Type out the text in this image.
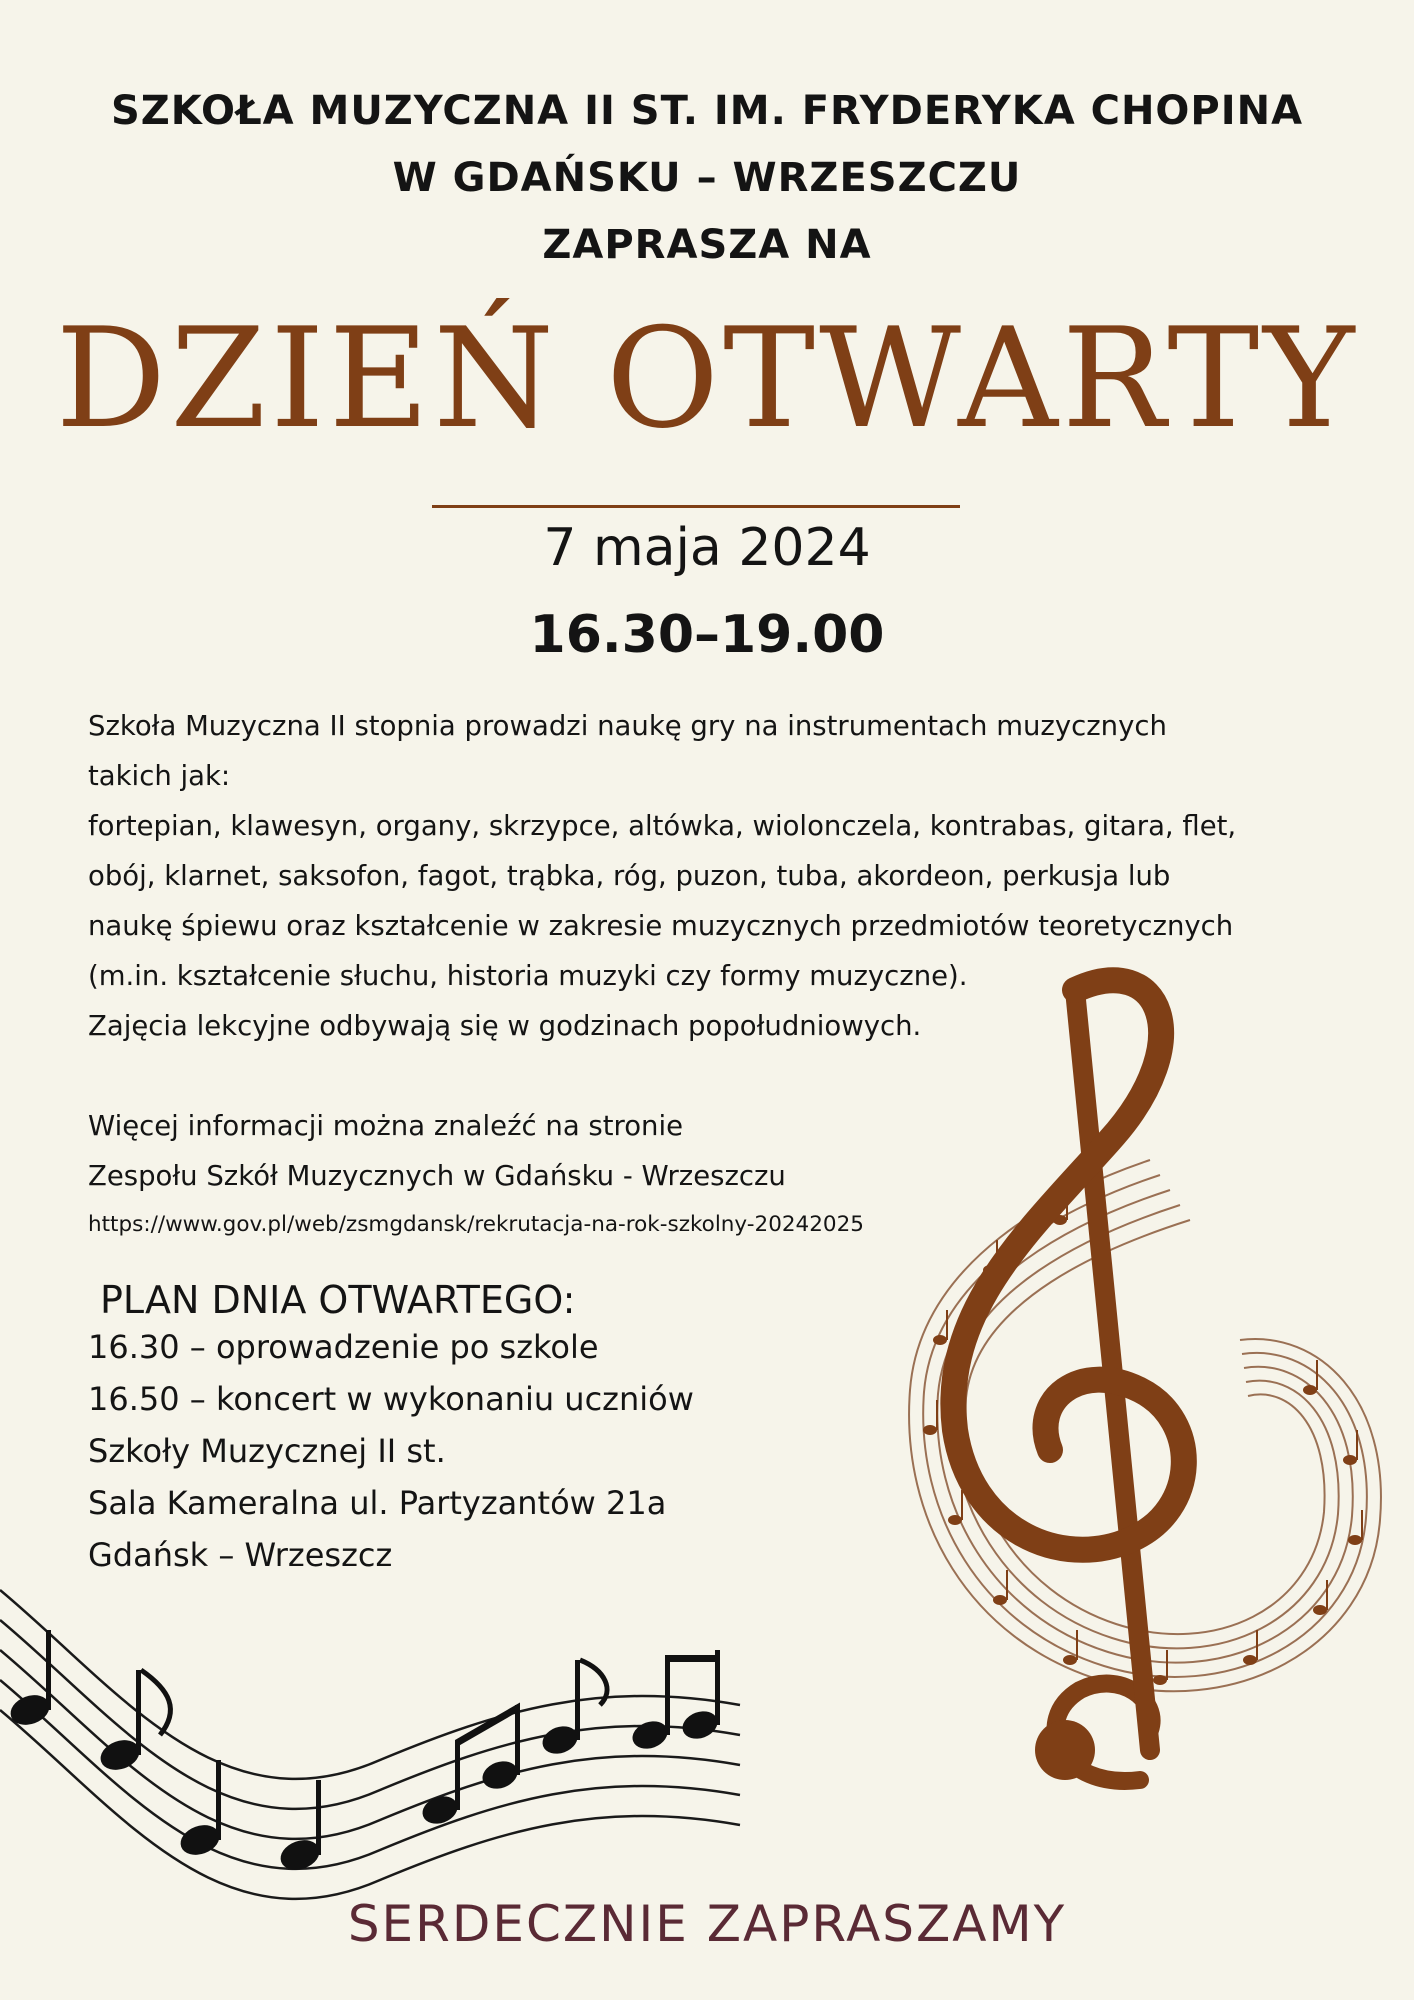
SZKOŁA MUZYCZNA II ST. IM. FRYDERYKA CHOPINA
W GDAŃSKU – WRZESZCZU
ZAPRASZA NA
DZIEŃ OTWARTY
7 maja 2024
16.30–19.00
Szkoła Muzyczna II stopnia prowadzi naukę gry na instrumentach muzycznych
takich jak:
fortepian, klawesyn, organy, skrzypce, altówka, wiolonczela, kontrabas, gitara, flet,
obój, klarnet, saksofon, fagot, trąbka, róg, puzon, tuba, akordeon, perkusja lub
naukę śpiewu oraz kształcenie w zakresie muzycznych przedmiotów teoretycznych
(m.in. kształcenie słuchu, historia muzyki czy formy muzyczne).
Zajęcia lekcyjne odbywają się w godzinach popołudniowych.
Więcej informacji można znaleźć na stronie
Zespołu Szkół Muzycznych w Gdańsku - Wrzeszczu
https://www.gov.pl/web/zsmgdansk/rekrutacja-na-rok-szkolny-20242025
PLAN DNIA OTWARTEGO:
16.30 – oprowadzenie po szkole
16.50 – koncert w wykonaniu uczniów
Szkoły Muzycznej II st.
Sala Kameralna ul. Partyzantów 21a
Gdańsk – Wrzeszcz
SERDECZNIE ZAPRASZAMY
